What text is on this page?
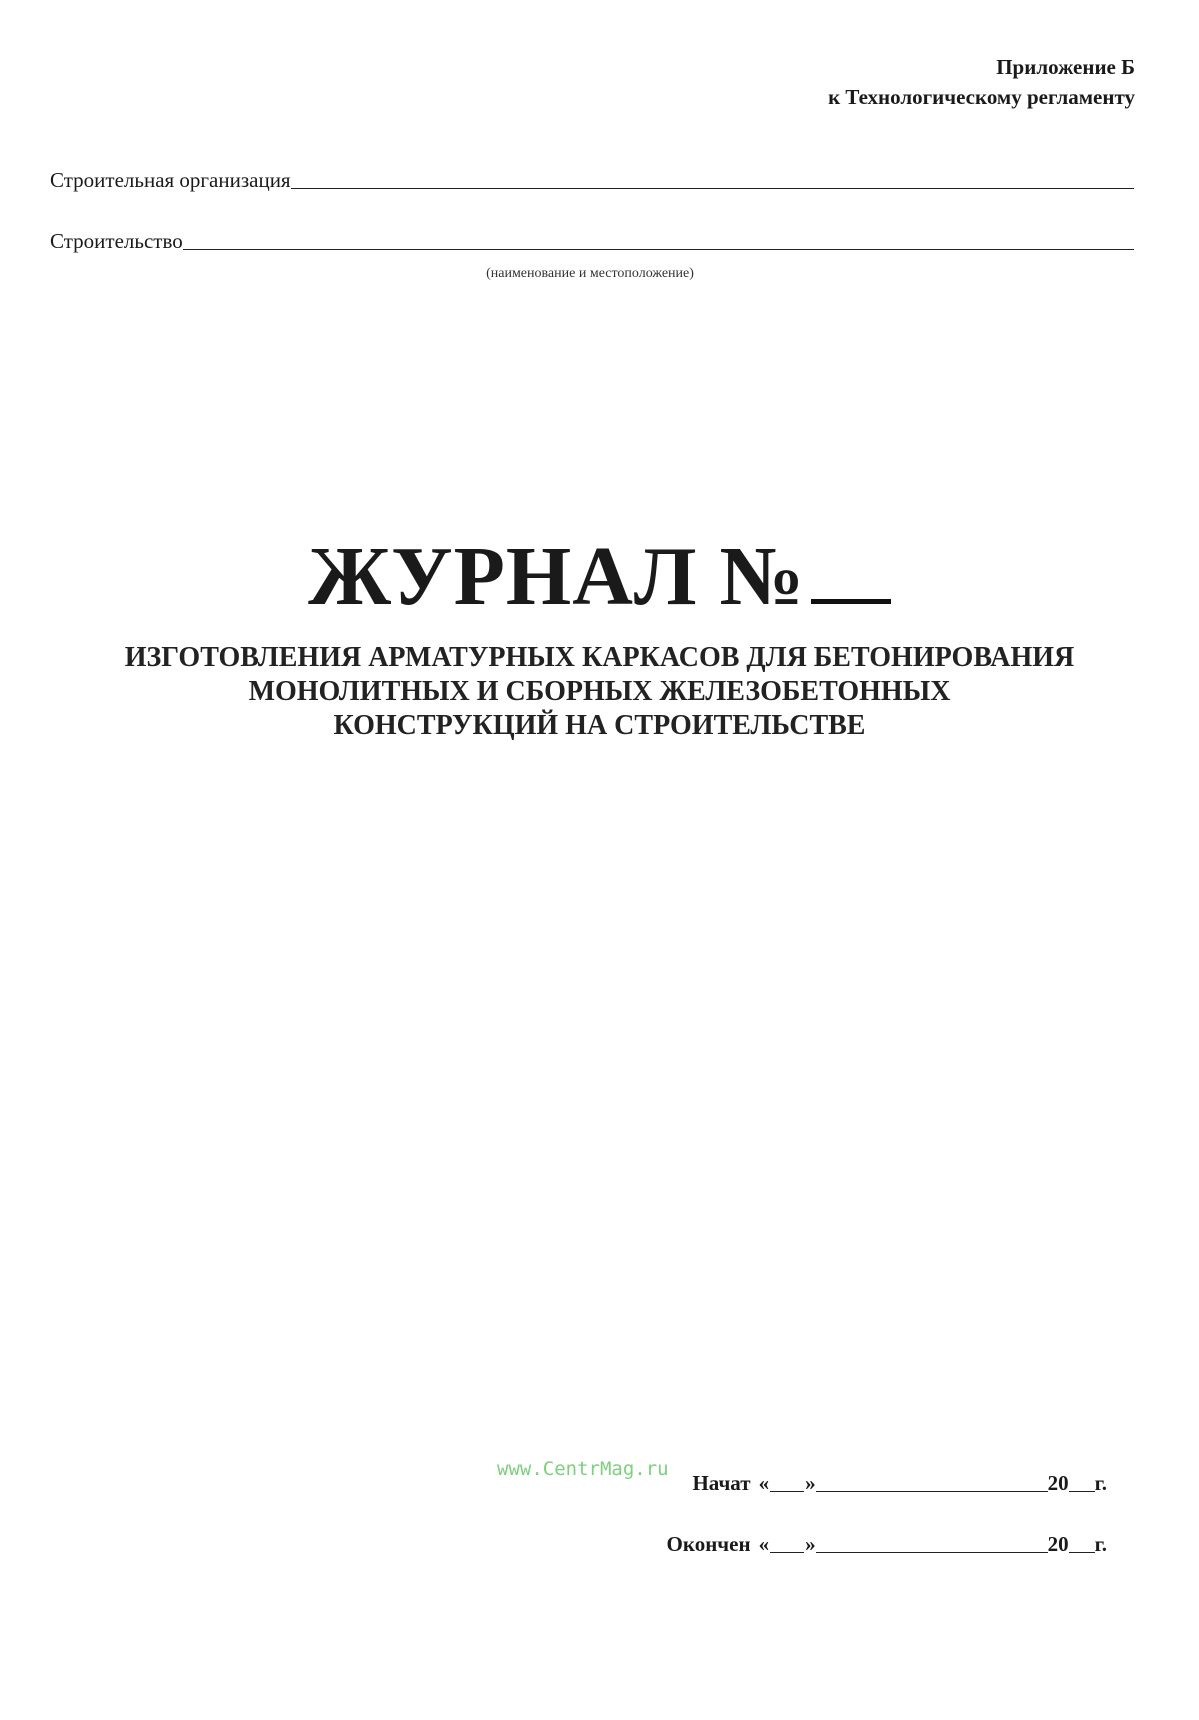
Приложение Б
к Технологическому регламенту
Строительная организация
Строительство
(наименование и местоположение)
ЖУРНАЛ №
ИЗГОТОВЛЕНИЯ АРМАТУРНЫХ КАРКАСОВ ДЛЯ БЕТОНИРОВАНИЯ
МОНОЛИТНЫХ И СБОРНЫХ ЖЕЛЕЗОБЕТОННЫХ
КОНСТРУКЦИЙ НА СТРОИТЕЛЬСТВЕ
www.CentrMag.ru
Начат « »	20 г.
Окончен « »	20 г.
